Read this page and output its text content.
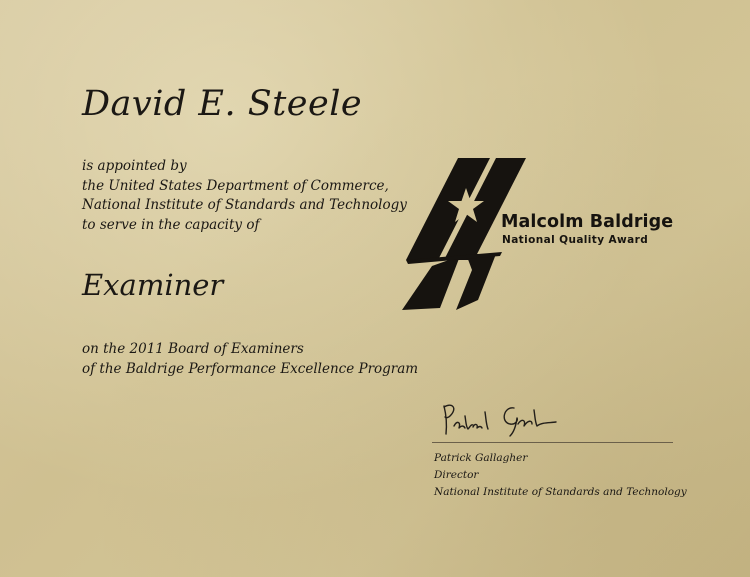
David E. Steele
is appointed by
the United States Department of Commerce,
National Institute of Standards and Technology
to serve in the capacity of
Examiner
on the 2011 Board of Examiners
of the Baldrige Performance Excellence Program
Malcolm Baldrige
National Quality Award
Patrick Gallagher
Director
National Institute of Standards and Technology
